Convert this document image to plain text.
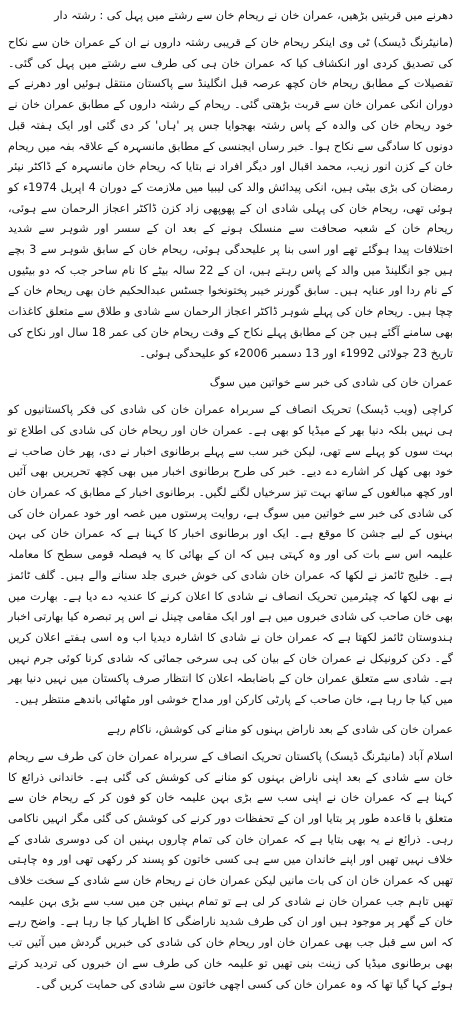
دھرنے میں قربتیں بڑھیں، عمران خان نے ریحام خان سے رشتے میں پہل کی : رشتہ دار

(مانیٹرنگ ڈیسک) ٹی وی اینکر ریحام خان کے قریبی رشتہ داروں نے ان کے عمران خان سے نکاح کی تصدیق کردی اور انکشاف کیا کہ عمران خان ہی کی طرف سے رشتے میں پہل کی گئی۔ تفصیلات کے مطابق ریحام خان کچھ عرصہ قبل انگلینڈ سے پاکستان منتقل ہوئیں اور دھرنے کے دوران انکی عمران خان سے قربت بڑھتی گئی۔ ریحام کے رشتہ داروں کے مطابق عمران خان نے خود ریحام خان کی والدہ کے پاس رشتہ بھجوایا جس پر 'ہاں' کر دی گئی اور ایک ہفتہ قبل دونوں کا سادگی سے نکاح ہوا۔ خبر رساں ایجنسی کے مطابق مانسہرہ کے علاقہ بفہ میں ریحام خان کے کزن انور زیب، محمد اقبال اور دیگر افراد نے بتایا کہ ریحام خان مانسہرہ کے ڈاکٹر نیئر رمضان کی بڑی بیٹی ہیں، انکی پیدائش والد کی لیبیا میں ملازمت کے دوران 4 اپریل 1974ء کو ہوئی تھی، ریحام خان کی پہلی شادی ان کے پھوپھی زاد کزن ڈاکٹر اعجاز الرحمان سے ہوئی، ریحام خان کے شعبہ صحافت سے منسلک ہونے کے بعد ان کے سسر اور شوہر سے شدید اختلافات پیدا ہوگئے تھے اور اسی بنا پر علیحدگی ہوئی، ریحام خان کے سابق شوہر سے 3 بچے ہیں جو انگلینڈ میں والد کے پاس رہتے ہیں، ان کے 22 سالہ بیٹے کا نام ساحر جب کہ دو بیٹیوں کے نام ردا اور عنایہ ہیں۔ سابق گورنر خیبر پختونخوا جسٹس عبدالحکیم خان بھی ریحام خان کے چچا ہیں۔ ریحام خان کی پہلے شوہر ڈاکٹر اعجاز الرحمان سے شادی و طلاق سے متعلق کاغذات بھی سامنے آگئے ہیں جن کے مطابق پہلے نکاح کے وقت ریحام خان کی عمر 18 سال اور نکاح کی تاریخ 23 جولائی 1992ء اور 13 دسمبر 2006ء کو علیحدگی ہوئی۔

عمران خان کی شادی کی خبر سے خواتین میں سوگ

کراچی (ویب ڈیسک) تحریک انصاف کے سربراہ عمران خان کی شادی کی فکر پاکستانیوں کو ہی نہیں بلکہ دنیا بھر کے میڈیا کو بھی ہے۔ عمران خان اور ریحام خان کی شادی کی اطلاع تو بہت سوں کو پہلے سے تھی، لیکن خبر سب سے پہلے برطانوی اخبار نے دی، پھر خان صاحب نے خود بھی کھل کر اشارے دے دیے۔ خبر کی طرح برطانوی اخبار میں بھی کچھ تحریریں بھی آئیں اور کچھ مبالغوں کے ساتھ بہت تیز سرخیاں لگنے لگیں۔ برطانوی اخبار کے مطابق کہ عمران خان کی شادی کی خبر سے خواتین میں سوگ ہے، روایت پرستوں میں غصہ اور خود عمران خان کی بہنوں کے لیے جشن کا موقع ہے۔ ایک اور برطانوی اخبار کا کہنا ہے کہ عمران خان کی بہن علیمہ اس سے بات کی اور وہ کہتی ہیں کہ ان کے بھائی کا یہ فیصلہ قومی سطح کا معاملہ ہے۔ خلیج ٹائمز نے لکھا کہ عمران خان شادی کی خوش خبری جلد سنانے والے ہیں۔ گلف ٹائمز نے بھی لکھا کہ چیئرمین تحریک انصاف نے شادی کا اعلان کرنے کا عندیہ دے دیا ہے۔ بھارت میں بھی خان صاحب کی شادی خبروں میں ہے اور ایک مقامی چینل نے اس پر تبصرہ کیا بھارتی اخبار ہندوستان ٹائمز لکھتا ہے کہ عمران خان نے شادی کا اشارہ دیدیا اب وہ اسی ہفتے اعلان کریں گے۔ دکن کرونیکل نے عمران خان کے بیان کی ہی سرخی جمائی کہ شادی کرنا کوئی جرم نہیں ہے۔ شادی سے متعلق عمران خان کے باضابطہ اعلان کا انتظار صرف پاکستان میں نہیں دنیا بھر میں کیا جا رہا ہے، خان صاحب کے پارٹی کارکن اور مداح خوشی اور مٹھائی باندھے منتظر ہیں۔

عمران خان کی شادی کے بعد ناراض بہنوں کو منانے کی کوشش، ناکام رہے

اسلام آباد (مانیٹرنگ ڈیسک) پاکستان تحریک انصاف کے سربراہ عمران خان کی طرف سے ریحام خان سے شادی کے بعد اپنی ناراض بہنوں کو منانے کی کوشش کی گئی ہے۔ خاندانی ذرائع کا کہنا ہے کہ عمران خان نے اپنی سب سے بڑی بہن علیمہ خان کو فون کر کے ریحام خان سے متعلق با قاعدہ طور پر بتایا اور ان کے تحفظات دور کرنے کی کوشش کی گئی مگر انہیں ناکامی رہی۔ ذرائع نے یہ بھی بتایا ہے کہ عمران خان کی تمام چاروں بہنیں ان کی دوسری شادی کے خلاف نہیں تھیں اور اپنے خاندان میں سے ہی کسی خاتون کو پسند کر رکھی تھی اور وہ چاہتی تھیں کہ عمران خان ان کی بات مانیں لیکن عمران خان نے ریحام خان سے شادی کے سخت خلاف تھیں تاہم جب عمران خان نے شادی کر لی ہے تو تمام بہنیں جن میں سب سے بڑی بہن علیمہ خان کے گھر پر موجود ہیں اور ان کی طرف شدید ناراضگی کا اظہار کیا جا رہا ہے۔ واضح رہے کہ اس سے قبل جب بھی عمران خان اور ریحام خان کی شادی کی خبریں گردش میں آئیں تب بھی برطانوی میڈیا کی زینت بنی تھیں تو علیمہ خان کی طرف سے ان خبروں کی تردید کرتے ہوئے کہا گیا تھا کہ وہ عمران خان کی کسی اچھی خاتون سے شادی کی حمایت کریں گی۔
